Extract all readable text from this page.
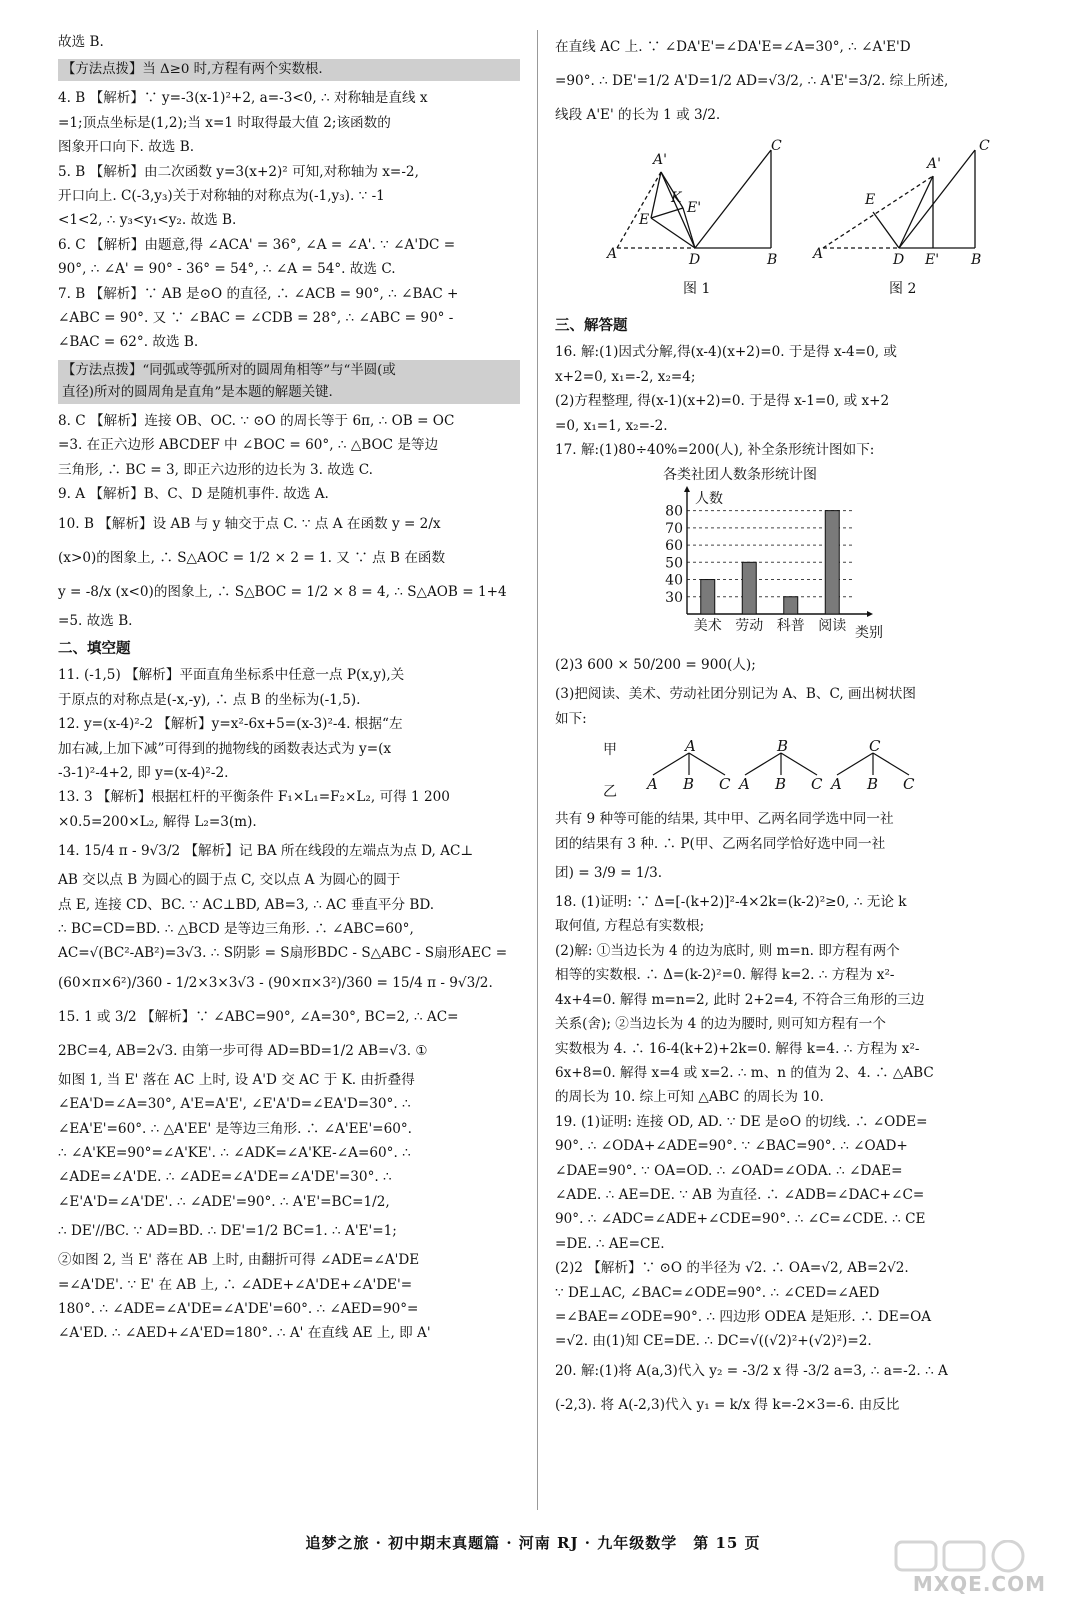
故选 B.

【方法点拨】当 Δ≥0 时,方程有两个实数根.

4. B 【解析】∵ y=-3(x-1)²+2, a=-3<0, ∴ 对称轴是直线 x

=1;顶点坐标是(1,2);当 x=1 时取得最大值 2;该函数的

图象开口向下. 故选 B.

5. B 【解析】由二次函数 y=3(x+2)² 可知,对称轴为 x=-2,

开口向上. C(-3,y₃)关于对称轴的对称点为(-1,y₃). ∵ -1

<1<2, ∴ y₃<y₁<y₂. 故选 B.

6. C 【解析】由题意,得 ∠ACA' = 36°, ∠A = ∠A'. ∵ ∠A'DC =

90°, ∴ ∠A' = 90° - 36° = 54°, ∴ ∠A = 54°. 故选 C.

7. B 【解析】∵ AB 是⊙O 的直径, ∴ ∠ACB = 90°, ∴ ∠BAC +

∠ABC = 90°. 又 ∵ ∠BAC = ∠CDB = 28°, ∴ ∠ABC = 90° -

∠BAC = 62°. 故选 B.

【方法点拨】“同弧或等弧所对的圆周角相等”与“半圆(或
直径)所对的圆周角是直角”是本题的解题关键.

8. C 【解析】连接 OB、OC. ∵ ⊙O 的周长等于 6π, ∴ OB = OC

=3. 在正六边形 ABCDEF 中 ∠BOC = 60°, ∴ △BOC 是等边

三角形, ∴ BC = 3, 即正六边形的边长为 3. 故选 C.

9. A 【解析】B、C、D 是随机事件. 故选 A.

10. B 【解析】设 AB 与 y 轴交于点 C. ∵ 点 A 在函数 y = 2/x

(x>0)的图象上, ∴ S△AOC = 1/2 × 2 = 1. 又 ∵ 点 B 在函数

y = -8/x (x<0)的图象上, ∴ S△BOC = 1/2 × 8 = 4, ∴ S△AOB = 1+4

=5. 故选 B.

二、填空题

11. (-1,5) 【解析】平面直角坐标系中任意一点 P(x,y),关

于原点的对称点是(-x,-y), ∴ 点 B 的坐标为(-1,5).

12. y=(x-4)²-2 【解析】y=x²-6x+5=(x-3)²-4. 根据“左

加右减,上加下减”可得到的抛物线的函数表达式为 y=(x

-3-1)²-4+2, 即 y=(x-4)²-2.

13. 3 【解析】根据杠杆的平衡条件 F₁×L₁=F₂×L₂, 可得 1 200

×0.5=200×L₂, 解得 L₂=3(m).

14. 15/4 π - 9√3/2 【解析】记 BA 所在线段的左端点为点 D, AC⊥

AB 交以点 B 为圆心的圆于点 C, 交以点 A 为圆心的圆于

点 E, 连接 CD、BC. ∵ AC⊥BD, AB=3, ∴ AC 垂直平分 BD.

∴ BC=CD=BD. ∴ △BCD 是等边三角形. ∴ ∠ABC=60°,

AC=√(BC²-AB²)=3√3. ∴ S阴影 = S扇形BDC - S△ABC - S扇形AEC =

(60×π×6²)/360 - 1/2×3×3√3 - (90×π×3²)/360 = 15/4 π - 9√3/2.

15. 1 或 3/2 【解析】∵ ∠ABC=90°, ∠A=30°, BC=2, ∴ AC=

2BC=4, AB=2√3. 由第一步可得 AD=BD=1/2 AB=√3. ①

如图 1, 当 E' 落在 AC 上时, 设 A'D 交 AC 于 K. 由折叠得

∠EA'D=∠A=30°, A'E=A'E', ∠E'A'D=∠EA'D=30°. ∴

∠EA'E'=60°. ∴ △A'EE' 是等边三角形. ∴ ∠A'EE'=60°.

∴ ∠A'KE=90°=∠A'KE'. ∴ ∠ADK=∠A'KE-∠A=60°. ∴

∠ADE=∠A'DE. ∴ ∠ADE=∠A'DE=∠A'DE'=30°. ∴

∠E'A'D=∠A'DE'. ∴ ∠ADE'=90°. ∴ A'E'=BC=1/2,

∴ DE'//BC. ∵ AD=BD. ∴ DE'=1/2 BC=1. ∴ A'E'=1;

②如图 2, 当 E' 落在 AB 上时, 由翻折可得 ∠ADE=∠A'DE

=∠A'DE'. ∵ E' 在 AB 上, ∴ ∠ADE+∠A'DE+∠A'DE'=

180°. ∴ ∠ADE=∠A'DE=∠A'DE'=60°. ∴ ∠AED=90°=

∠A'ED. ∴ ∠AED+∠A'ED=180°. ∴ A' 在直线 AE 上, 即 A'

在直线 AC 上. ∵ ∠DA'E'=∠DA'E=∠A=30°, ∴ ∠A'E'D

=90°. ∴ DE'=1/2 A'D=1/2 AD=√3/2, ∴ A'E'=3/2. 综上所述,

线段 A'E' 的长为 1 或 3/2.

A
A'
C
E
K
E'
D	B
图 1
A
A'
C
E
D E' B
图 2

三、解答题

16. 解:(1)因式分解,得(x-4)(x+2)=0. 于是得 x-4=0, 或

x+2=0, x₁=-2, x₂=4;

(2)方程整理, 得(x-1)(x+2)=0. 于是得 x-1=0, 或 x+2

=0, x₁=1, x₂=-2.

17. 解:(1)80÷40%=200(人), 补全条形统计图如下:

各类社团人数条形统计图
30
40
50
60
70
80
美术 劳动 科普 阅读
人数
类别

(2)3 600 × 50/200 = 900(人);

(3)把阅读、美术、劳动社团分别记为 A、B、C, 画出树状图

如下:

甲
乙
A
A B C
B
A B C
C
A B C

共有 9 种等可能的结果, 其中甲、乙两名同学选中同一社

团的结果有 3 种. ∴ P(甲、乙两名同学恰好选中同一社

团) = 3/9 = 1/3.

18. (1)证明: ∵ Δ=[-(k+2)]²-4×2k=(k-2)²≥0, ∴ 无论 k

取何值, 方程总有实数根;

(2)解: ①当边长为 4 的边为底时, 则 m=n. 即方程有两个

相等的实数根. ∴ Δ=(k-2)²=0. 解得 k=2. ∴ 方程为 x²-

4x+4=0. 解得 m=n=2, 此时 2+2=4, 不符合三角形的三边

关系(舍); ②当边长为 4 的边为腰时, 则可知方程有一个

实数根为 4. ∴ 16-4(k+2)+2k=0. 解得 k=4. ∴ 方程为 x²-

6x+8=0. 解得 x=4 或 x=2. ∴ m、n 的值为 2、4. ∴ △ABC

的周长为 10. 综上可知 △ABC 的周长为 10.

19. (1)证明: 连接 OD, AD. ∵ DE 是⊙O 的切线. ∴ ∠ODE=

90°. ∴ ∠ODA+∠ADE=90°. ∵ ∠BAC=90°. ∴ ∠OAD+

∠DAE=90°. ∵ OA=OD. ∴ ∠OAD=∠ODA. ∴ ∠DAE=

∠ADE. ∴ AE=DE. ∵ AB 为直径. ∴ ∠ADB=∠DAC+∠C=

90°. ∴ ∠ADC=∠ADE+∠CDE=90°. ∴ ∠C=∠CDE. ∴ CE

=DE. ∴ AE=CE.

(2)2 【解析】∵ ⊙O 的半径为 √2. ∴ OA=√2, AB=2√2.

∵ DE⊥AC, ∠BAC=∠ODE=90°. ∴ ∠CED=∠AED

=∠BAE=∠ODE=90°. ∴ 四边形 ODEA 是矩形. ∴ DE=OA

=√2. 由(1)知 CE=DE. ∴ DC=√((√2)²+(√2)²)=2.

20. 解:(1)将 A(a,3)代入 y₂ = -3/2 x 得 -3/2 a=3, ∴ a=-2. ∴ A

(-2,3). 将 A(-2,3)代入 y₁ = k/x 得 k=-2×3=-6. 由反比

追梦之旅 · 初中期末真题篇 · 河南 RJ · 九年级数学　第 15 页
MXQE.COM
